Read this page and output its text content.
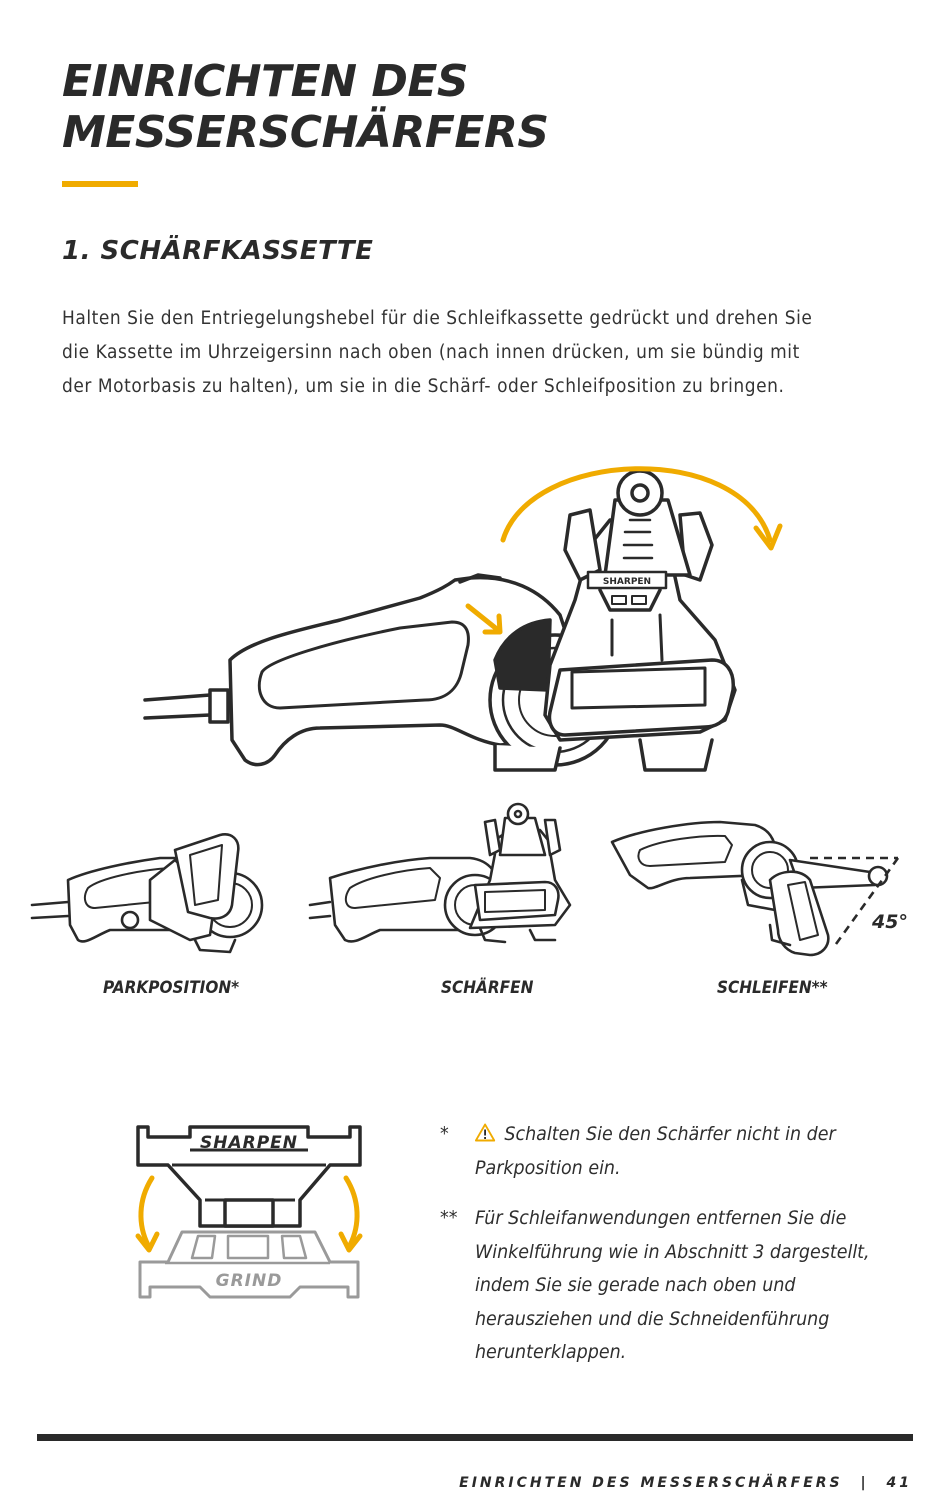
EINRICHTEN DES
MESSERSCHÄRFERS
1. SCHÄRFKASSETTE

Halten Sie den Entriegelungshebel für die Schleifkassette gedrückt und drehen Sie die Kassette im Uhrzeigersinn nach oben (nach innen drücken, um sie bündig mit der Motorbasis zu halten), um sie in die Schärf- oder Schleifposition zu bringen.

SHARPEN
45°
SHARPEN
GRIND
PARKPOSITION*	SCHÄRFEN	SCHLEIFEN**
*	Schalten Sie den Schärfer nicht in der Parkposition ein.
** Für Schleifanwendungen entfernen Sie die Winkelführung wie in Abschnitt 3 dargestellt, indem Sie sie gerade nach oben und herausziehen und die Schneidenführung herunterklappen.
EINRICHTEN DES MESSERSCHÄRFERS | 41
